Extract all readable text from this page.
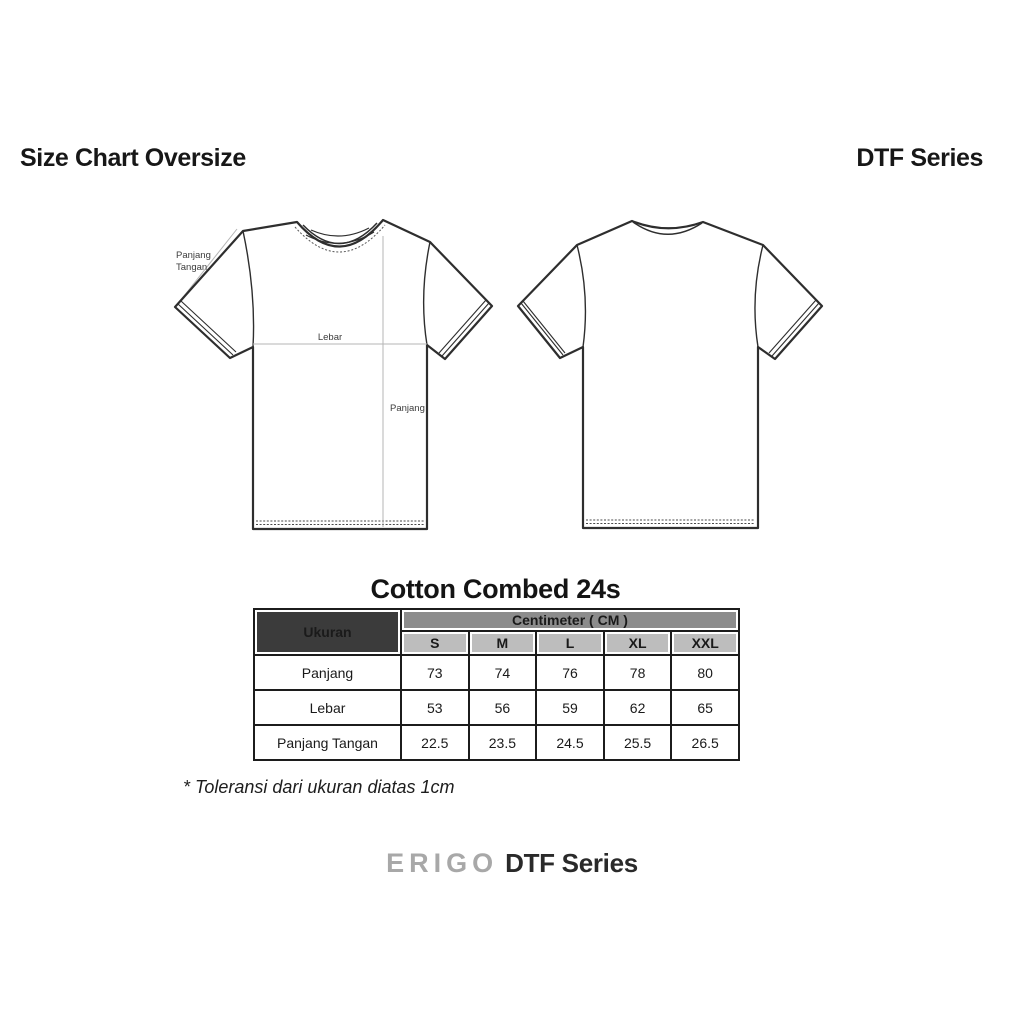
Size Chart Oversize	DTF Series
Panjang
Tangan
Lebar
Panjang
Cotton Combed 24s
Ukuran	Centimeter ( CM )				
	S	M	L	XL	XXL
Panjang	73	74	76	78	80
Lebar	53	56	59	62	65
Panjang Tangan	22.5	23.5	24.5	25.5	26.5
* Toleransi dari ukuran diatas 1cm
ERIGO DTF Series
